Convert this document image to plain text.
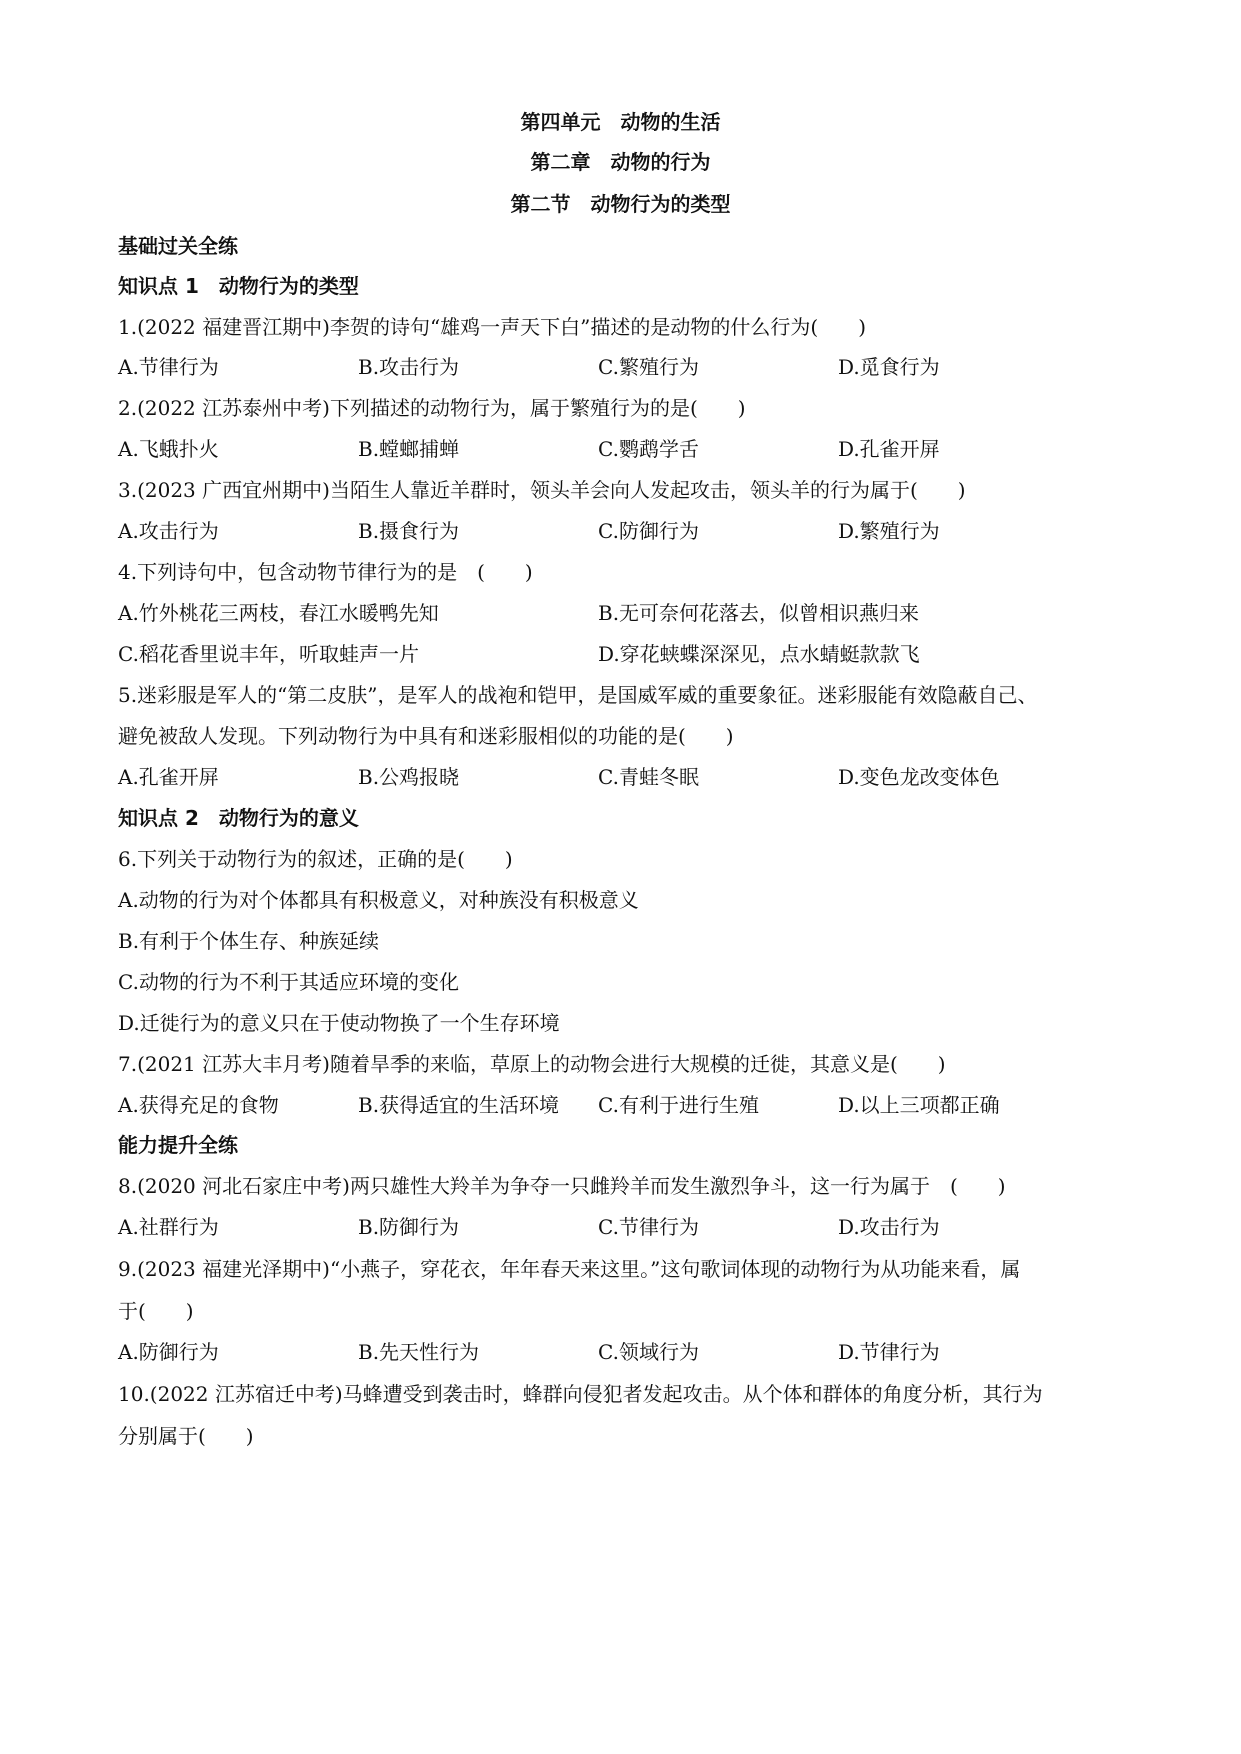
第四单元　动物的生活
第二章　动物的行为
第二节　动物行为的类型
基础过关全练
知识点 1　动物行为的类型
1.(2022 福建晋江期中)李贺的诗句“雄鸡一声天下白”描述的是动物的什么行为(　　)
A.节律行为	B.攻击行为	C.繁殖行为	D.觅食行为
2.(2022 江苏泰州中考)下列描述的动物行为，属于繁殖行为的是(　　)
A.飞蛾扑火	B.螳螂捕蝉	C.鹦鹉学舌	D.孔雀开屏
3.(2023 广西宜州期中)当陌生人靠近羊群时，领头羊会向人发起攻击，领头羊的行为属于(　　)
A.攻击行为	B.摄食行为	C.防御行为	D.繁殖行为
4.下列诗句中，包含动物节律行为的是　(　　)
A.竹外桃花三两枝，春江水暖鸭先知	B.无可奈何花落去，似曾相识燕归来
C.稻花香里说丰年，听取蛙声一片	D.穿花蛱蝶深深见，点水蜻蜓款款飞
5.迷彩服是军人的“第二皮肤”，是军人的战袍和铠甲，是国威军威的重要象征。迷彩服能有效隐蔽自己、
避免被敌人发现。下列动物行为中具有和迷彩服相似的功能的是(　　)
A.孔雀开屏	B.公鸡报晓	C.青蛙冬眠	D.变色龙改变体色
知识点 2　动物行为的意义
6.下列关于动物行为的叙述，正确的是(　　)
A.动物的行为对个体都具有积极意义，对种族没有积极意义
B.有利于个体生存、种族延续
C.动物的行为不利于其适应环境的变化
D.迁徙行为的意义只在于使动物换了一个生存环境
7.(2021 江苏大丰月考)随着旱季的来临，草原上的动物会进行大规模的迁徙，其意义是(　　)
A.获得充足的食物	B.获得适宜的生活环境 C.有利于进行生殖	D.以上三项都正确
能力提升全练
8.(2020 河北石家庄中考)两只雄性大羚羊为争夺一只雌羚羊而发生激烈争斗，这一行为属于　(　　)
A.社群行为	B.防御行为	C.节律行为	D.攻击行为
9.(2023 福建光泽期中)“小燕子，穿花衣，年年春天来这里。”这句歌词体现的动物行为从功能来看，属
于(　　)
A.防御行为	B.先天性行为	C.领域行为	D.节律行为
10.(2022 江苏宿迁中考)马蜂遭受到袭击时，蜂群向侵犯者发起攻击。从个体和群体的角度分析，其行为
分别属于(　　)
